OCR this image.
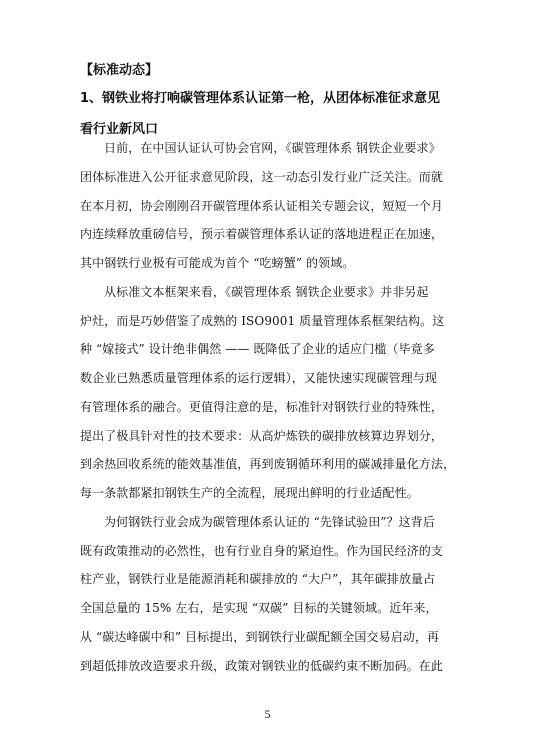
【标准动态】
1、钢铁业将打响碳管理体系认证第一枪，从团体标准征求意见
看行业新风口
日前，在中国认证认可协会官网，《碳管理体系 钢铁企业要求》
团体标准进入公开征求意见阶段，这一动态引发行业广泛关注。而就
在本月初，协会刚刚召开碳管理体系认证相关专题会议，短短一个月
内连续释放重磅信号，预示着碳管理体系认证的落地进程正在加速，
其中钢铁行业极有可能成为首个 “吃螃蟹” 的领域。
从标准文本框架来看，《碳管理体系 钢铁企业要求》并非另起
炉灶，而是巧妙借鉴了成熟的 ISO9001 质量管理体系框架结构。这
种 “嫁接式” 设计绝非偶然 —— 既降低了企业的适应门槛（毕竟多
数企业已熟悉质量管理体系的运行逻辑），又能快速实现碳管理与现
有管理体系的融合。更值得注意的是，标准针对钢铁行业的特殊性，
提出了极具针对性的技术要求：从高炉炼铁的碳排放核算边界划分，
到余热回收系统的能效基准值，再到废钢循环利用的碳减排量化方法，
每一条款都紧扣钢铁生产的全流程，展现出鲜明的行业适配性。
为何钢铁行业会成为碳管理体系认证的 “先锋试验田”？这背后
既有政策推动的必然性，也有行业自身的紧迫性。作为国民经济的支
柱产业，钢铁行业是能源消耗和碳排放的 “大户”，其年碳排放量占
全国总量的 15% 左右，是实现 “双碳” 目标的关键领域。近年来，
从 “碳达峰碳中和” 目标提出，到钢铁行业碳配额全国交易启动，再
到超低排放改造要求升级，政策对钢铁业的低碳约束不断加码。在此
5
